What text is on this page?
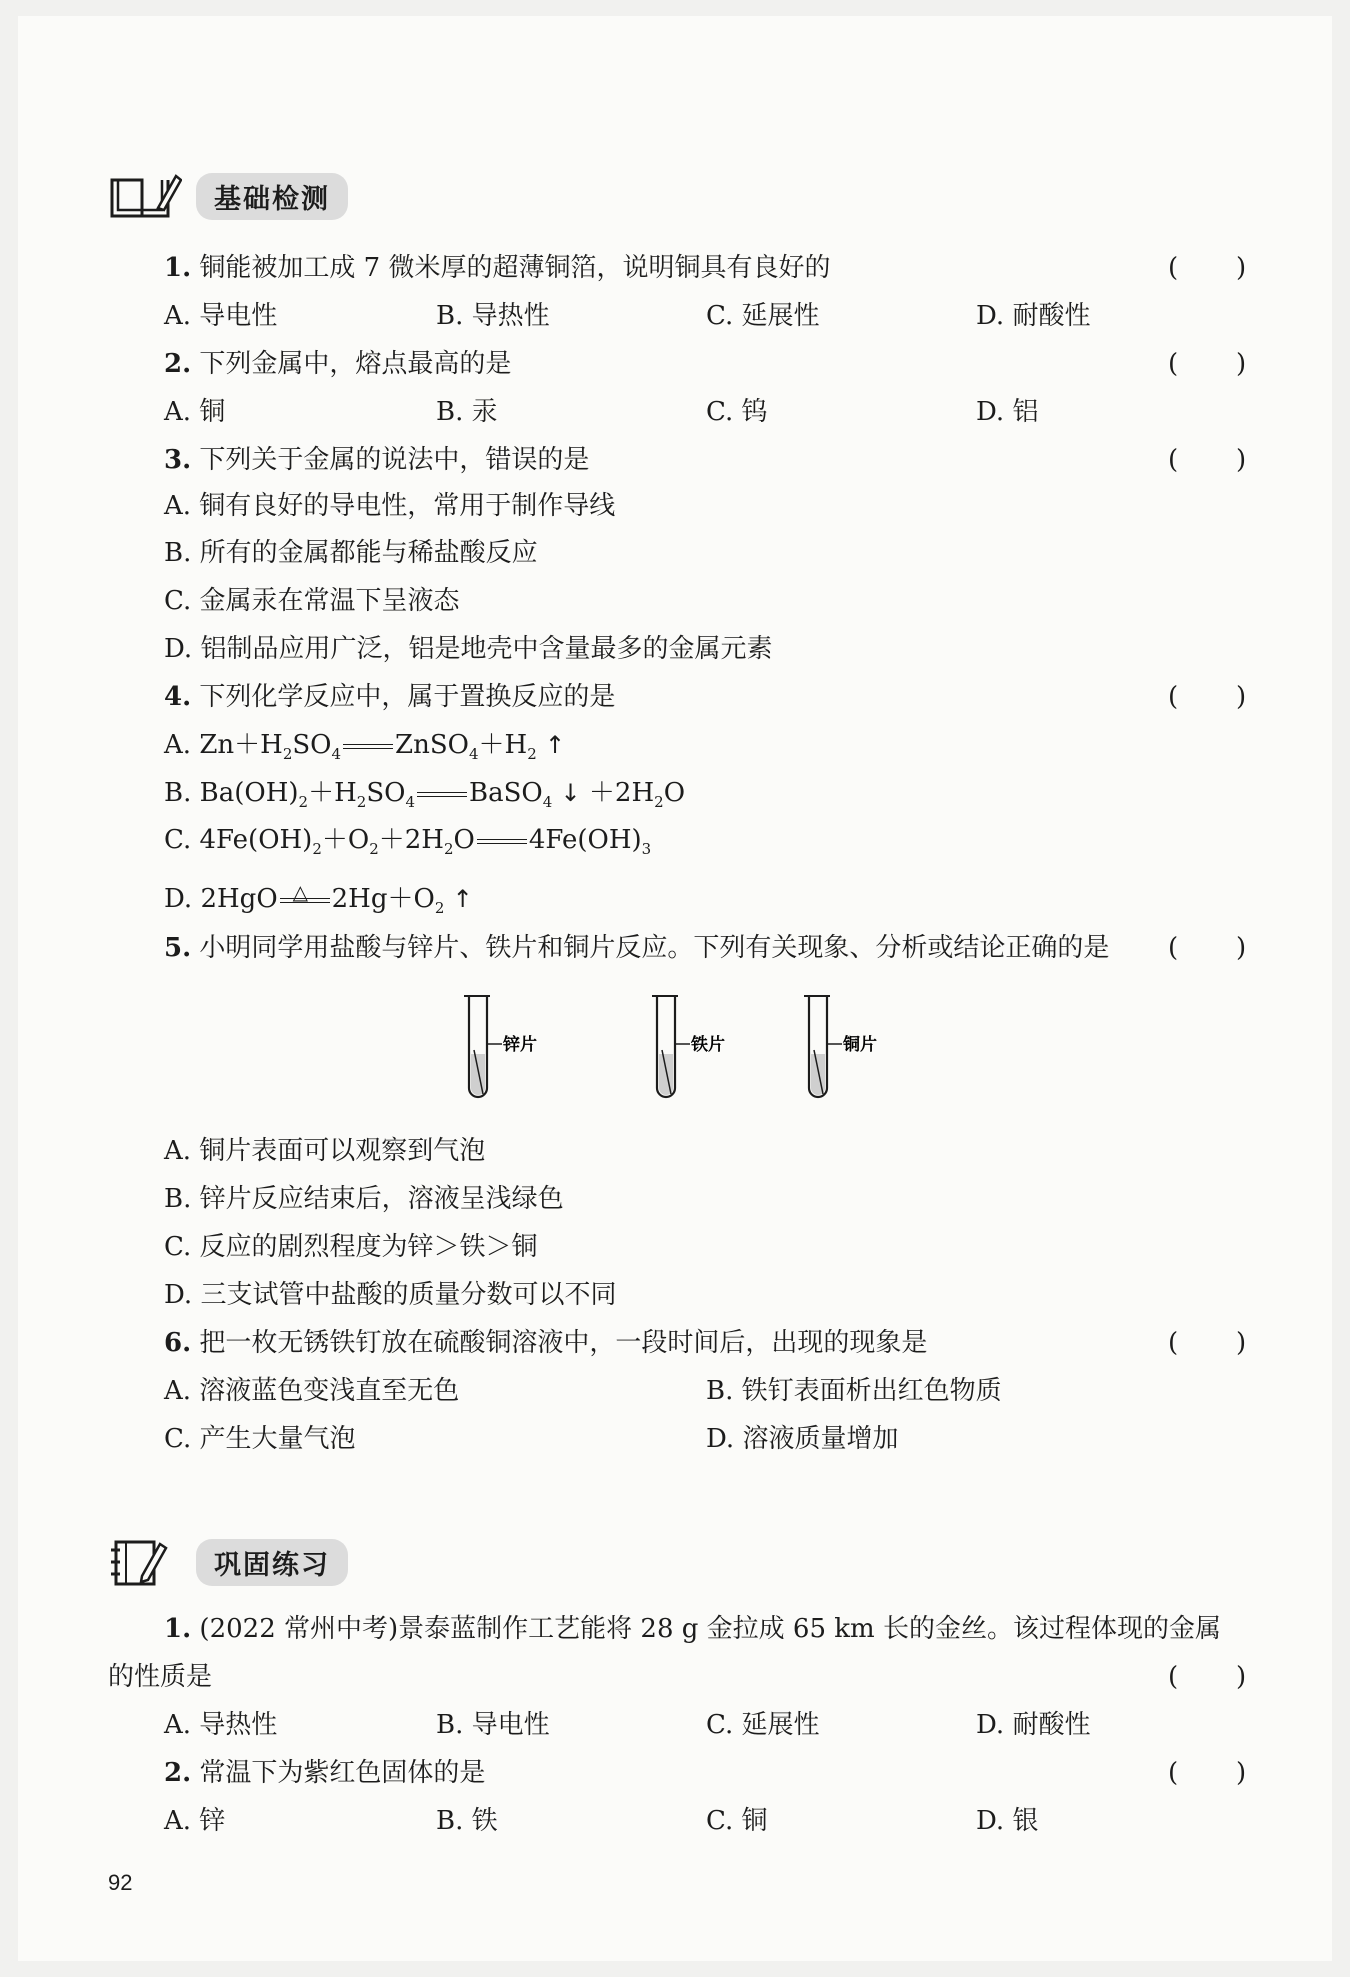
基础检测
1. 铜能被加工成 7 微米厚的超薄铜箔，说明铜具有良好的	( )
A. 导电性	B. 导热性	C. 延展性	D. 耐酸性
2. 下列金属中，熔点最高的是	( )
A. 铜	B. 汞	C. 钨	D. 铝
3. 下列关于金属的说法中，错误的是	( )
A. 铜有良好的导电性，常用于制作导线
B. 所有的金属都能与稀盐酸反应
C. 金属汞在常温下呈液态
D. 铝制品应用广泛，铝是地壳中含量最多的金属元素
4. 下列化学反应中，属于置换反应的是	( )
A. $Zn+H_2SO_4$ $ZnSO_4+H_2$ ↑
B. $Ba(OH)_2+H_2SO_4$ BaSO$_4$ ↓ $+2H_2O$
C. $4Fe(OH)_2+O_2+2H_2O$ $4Fe(OH)_3$
D. 2HgO △ $2Hg+O_2$ ↑
5. 小明同学用盐酸与锌片、铁片和铜片反应。下列有关现象、分析或结论正确的是 ( )
锌片	铁片	铜片
A. 铜片表面可以观察到气泡
B. 锌片反应结束后，溶液呈浅绿色
C. 反应的剧烈程度为锌＞铁＞铜
D. 三支试管中盐酸的质量分数可以不同
6. 把一枚无锈铁钉放在硫酸铜溶液中，一段时间后，出现的现象是	( )
A. 溶液蓝色变浅直至无色	B. 铁钉表面析出红色物质
C. 产生大量气泡	D. 溶液质量增加
巩固练习
1. (2022 常州中考)景泰蓝制作工艺能将 28 g 金拉成 65 km 长的金丝。该过程体现的金属
的性质是	( )
A. 导热性	B. 导电性	C. 延展性	D. 耐酸性
2. 常温下为紫红色固体的是	( )
A. 锌	B. 铁	C. 铜	D. 银
92
